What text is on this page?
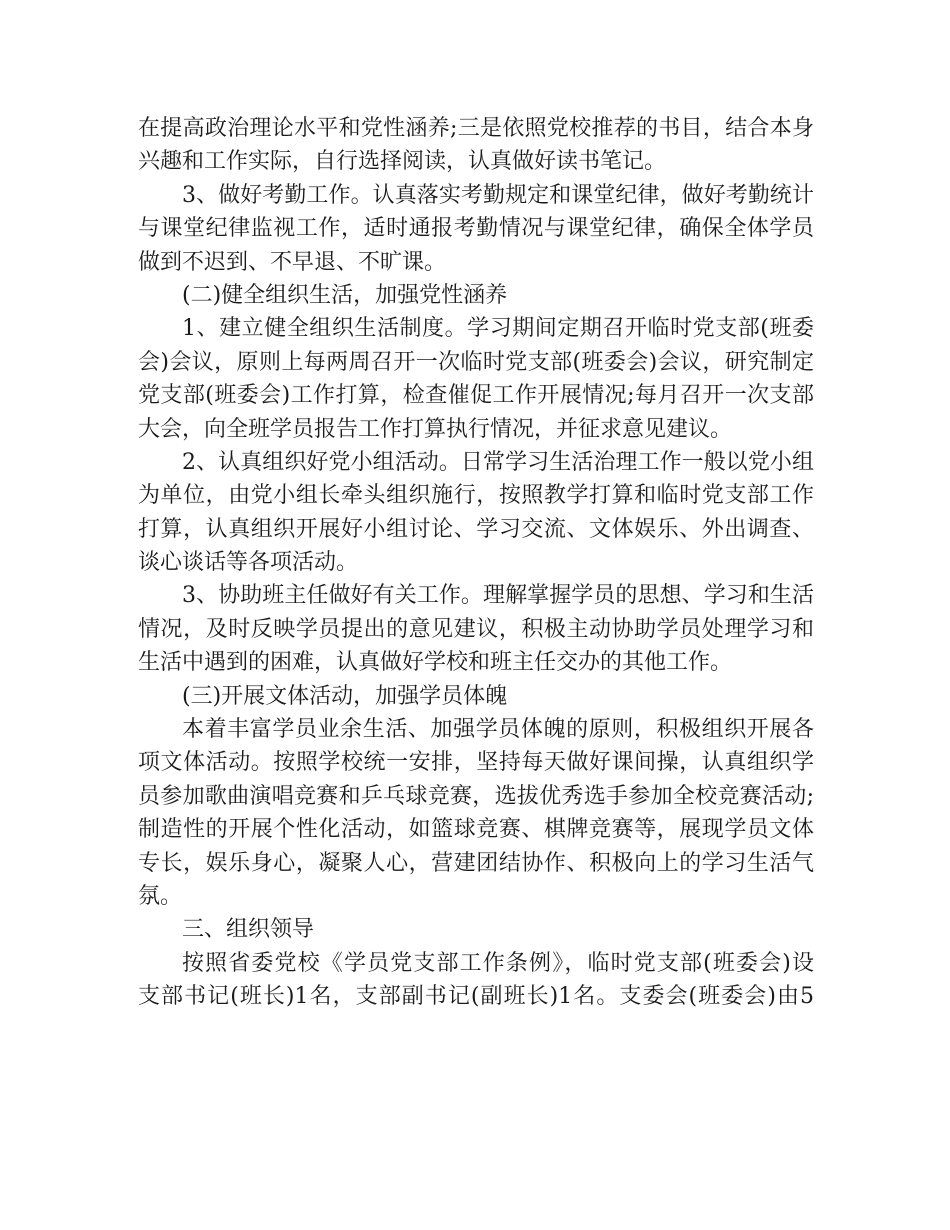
在提高政治理论水平和党性涵养;三是依照党校推荐的书目，结合本身
兴趣和工作实际，自行选择阅读，认真做好读书笔记。
3、做好考勤工作。认真落实考勤规定和课堂纪律，做好考勤统计
与课堂纪律监视工作，适时通报考勤情况与课堂纪律，确保全体学员
做到不迟到、不早退、不旷课。
(二)健全组织生活，加强党性涵养
1、建立健全组织生活制度。学习期间定期召开临时党支部(班委
会)会议，原则上每两周召开一次临时党支部(班委会)会议，研究制定
党支部(班委会)工作打算，检查催促工作开展情况;每月召开一次支部
大会，向全班学员报告工作打算执行情况，并征求意见建议。
2、认真组织好党小组活动。日常学习生活治理工作一般以党小组
为单位，由党小组长牵头组织施行，按照教学打算和临时党支部工作
打算，认真组织开展好小组讨论、学习交流、文体娱乐、外出调查、
谈心谈话等各项活动。
3、协助班主任做好有关工作。理解掌握学员的思想、学习和生活
情况，及时反映学员提出的意见建议，积极主动协助学员处理学习和
生活中遇到的困难，认真做好学校和班主任交办的其他工作。
(三)开展文体活动，加强学员体魄
本着丰富学员业余生活、加强学员体魄的原则，积极组织开展各
项文体活动。按照学校统一安排，坚持每天做好课间操，认真组织学
员参加歌曲演唱竞赛和乒乓球竞赛，选拔优秀选手参加全校竞赛活动;
制造性的开展个性化活动，如篮球竞赛、棋牌竞赛等，展现学员文体
专长，娱乐身心，凝聚人心，营建团结协作、积极向上的学习生活气
氛。
三、组织领导
按照省委党校《学员党支部工作条例》，临时党支部(班委会)设
支部书记(班长)1名，支部副书记(副班长)1名。支委会(班委会)由5
